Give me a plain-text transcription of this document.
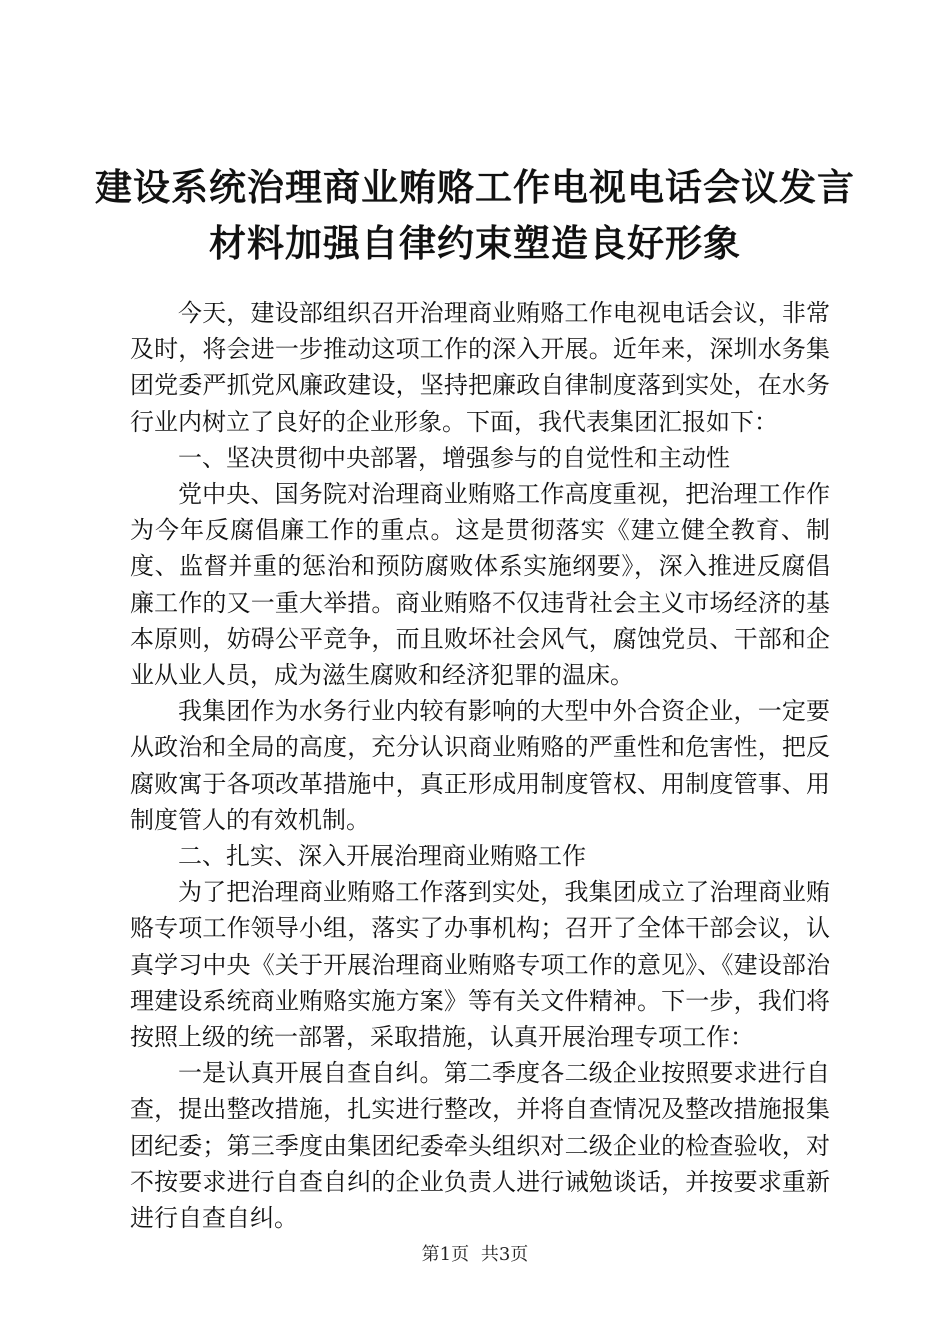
建设系统治理商业贿赂工作电视电话会议发言
材料加强自律约束塑造良好形象

今天，建设部组织召开治理商业贿赂工作电视电话会议，非常及时，将会进一步推动这项工作的深入开展。近年来，深圳水务集团党委严抓党风廉政建设，坚持把廉政自律制度落到实处，在水务行业内树立了良好的企业形象。下面，我代表集团汇报如下：

一、坚决贯彻中央部署，增强参与的自觉性和主动性

党中央、国务院对治理商业贿赂工作高度重视，把治理工作作为今年反腐倡廉工作的重点。这是贯彻落实《建立健全教育、制度、监督并重的惩治和预防腐败体系实施纲要》，深入推进反腐倡廉工作的又一重大举措。商业贿赂不仅违背社会主义市场经济的基本原则，妨碍公平竞争，而且败坏社会风气，腐蚀党员、干部和企业从业人员，成为滋生腐败和经济犯罪的温床。

我集团作为水务行业内较有影响的大型中外合资企业，一定要从政治和全局的高度，充分认识商业贿赂的严重性和危害性，把反腐败寓于各项改革措施中，真正形成用制度管权、用制度管事、用制度管人的有效机制。

二、扎实、深入开展治理商业贿赂工作

为了把治理商业贿赂工作落到实处，我集团成立了治理商业贿赂专项工作领导小组，落实了办事机构；召开了全体干部会议，认真学习中央《关于开展治理商业贿赂专项工作的意见》、《建设部治理建设系统商业贿赂实施方案》等有关文件精神。下一步，我们将按照上级的统一部署，采取措施，认真开展治理专项工作：

一是认真开展自查自纠。第二季度各二级企业按照要求进行自查，提出整改措施，扎实进行整改，并将自查情况及整改措施报集团纪委；第三季度由集团纪委牵头组织对二级企业的检查验收，对不按要求进行自查自纠的企业负责人进行诫勉谈话，并按要求重新进行自查自纠。

第1页 共3页
